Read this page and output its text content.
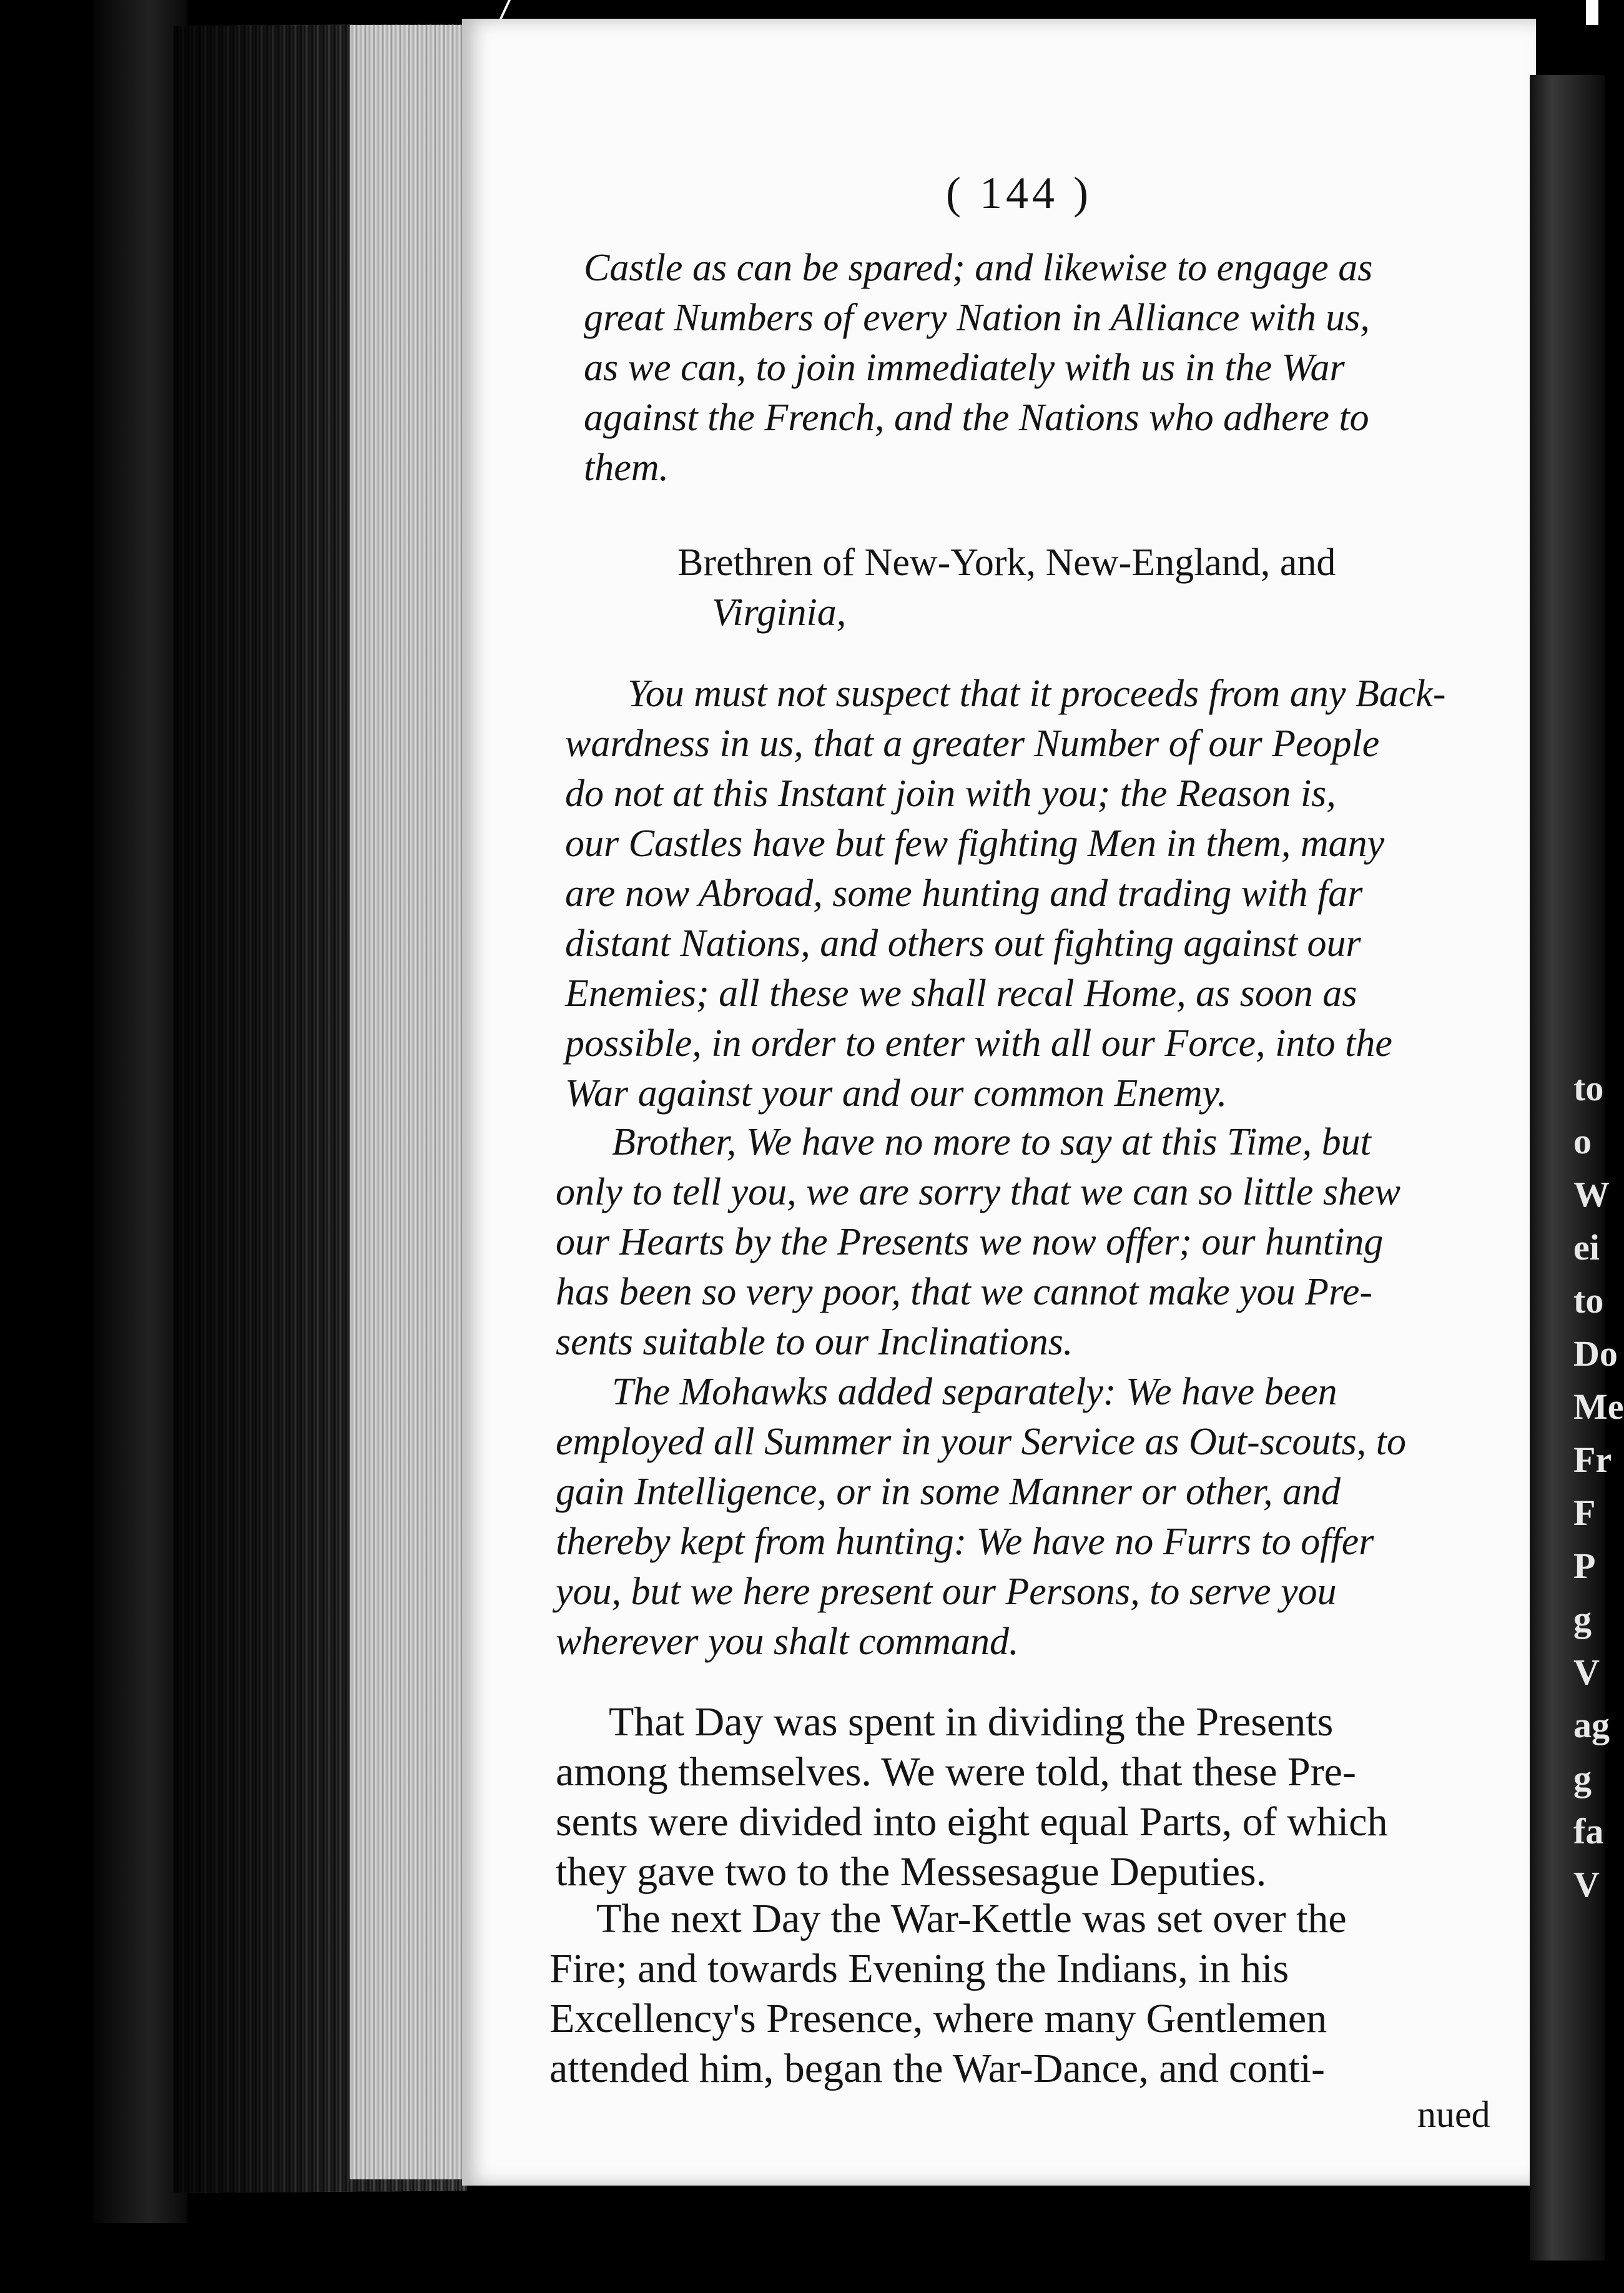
( 144 )
Castle as can be spared; and likewise to engage as
great Numbers of every Nation in Alliance with us,
as we can, to join immediately with us in the War
against the French, and the Nations who adhere to
them.
Brethren of New-York, New-England, and
Virginia,
You must not suspect that it proceeds from any Back-
wardness in us, that a greater Number of our People
do not at this Instant join with you; the Reason is,
our Castles have but few fighting Men in them, many
are now Abroad, some hunting and trading with far
distant Nations, and others out fighting against our
Enemies; all these we shall recal Home, as soon as
possible, in order to enter with all our Force, into the
War against your and our common Enemy.
Brother, We have no more to say at this Time, but
only to tell you, we are sorry that we can so little shew
our Hearts by the Presents we now offer; our hunting
has been so very poor, that we cannot make you Pre-
sents suitable to our Inclinations.
The Mohawks added separately: We have been
employed all Summer in your Service as Out-scouts, to
gain Intelligence, or in some Manner or other, and
thereby kept from hunting: We have no Furrs to offer
you, but we here present our Persons, to serve you
wherever you shalt command.
That Day was spent in dividing the Presents
among themselves. We were told, that these Pre-
sents were divided into eight equal Parts, of which
they gave two to the Messesague Deputies.
The next Day the War-Kettle was set over the
Fire; and towards Evening the Indians, in his
Excellency's Presence, where many Gentlemen
attended him, began the War-Dance, and conti-
nued
to
o
W
ei
to
Do
Me
Fr
F
P
g
V
ag
g
fa
V
